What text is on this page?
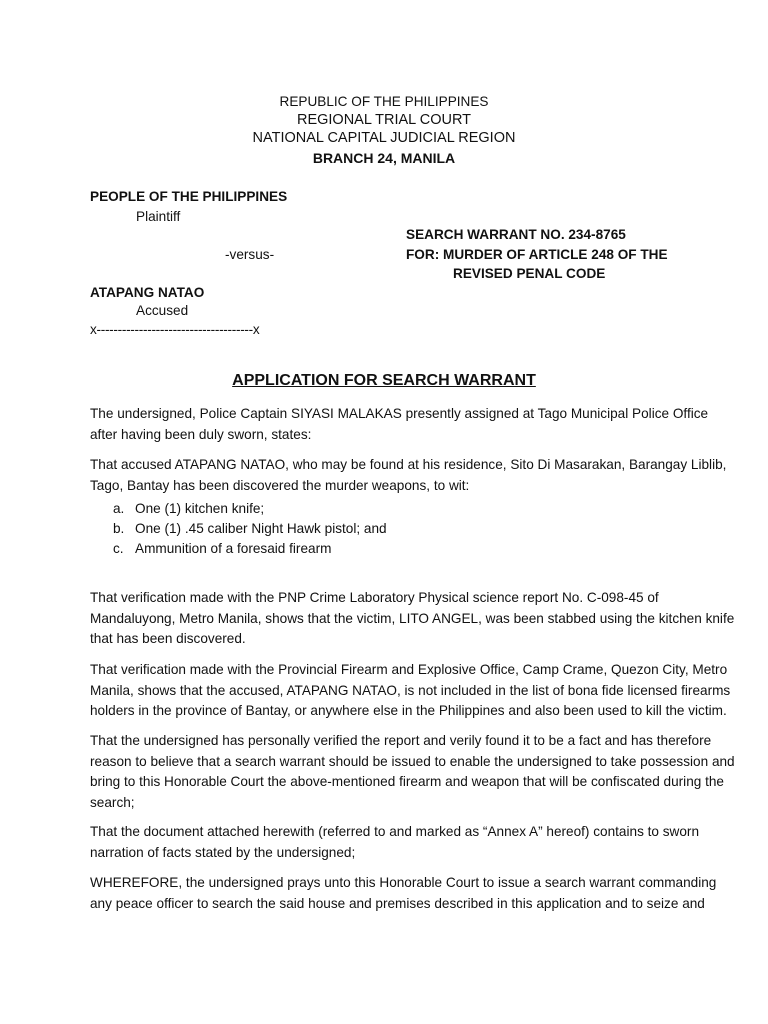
REPUBLIC OF THE PHILIPPINES
REGIONAL TRIAL COURT
NATIONAL CAPITAL JUDICIAL REGION
BRANCH 24, MANILA
PEOPLE OF THE PHILIPPINES
Plaintiff
-versus-
ATAPANG NATAO
Accused
x-------------------------------------x
SEARCH WARRANT NO. 234-8765
FOR: MURDER OF ARTICLE 248 OF THE
REVISED PENAL CODE
APPLICATION FOR SEARCH WARRANT
The undersigned, Police Captain SIYASI MALAKAS presently assigned at Tago Municipal Police Office
after having been duly sworn, states:
That accused ATAPANG NATAO, who may be found at his residence, Sito Di Masarakan, Barangay Liblib,
Tago, Bantay has been discovered the murder weapons, to wit:
a. One (1) kitchen knife;
b. One (1) .45 caliber Night Hawk pistol; and
c. Ammunition of a foresaid firearm
That verification made with the PNP Crime Laboratory Physical science report No. C-098-45 of
Mandaluyong, Metro Manila, shows that the victim, LITO ANGEL, was been stabbed using the kitchen knife
that has been discovered.
That verification made with the Provincial Firearm and Explosive Office, Camp Crame, Quezon City, Metro
Manila, shows that the accused, ATAPANG NATAO, is not included in the list of bona fide licensed firearms
holders in the province of Bantay, or anywhere else in the Philippines and also been used to kill the victim.
That the undersigned has personally verified the report and verily found it to be a fact and has therefore
reason to believe that a search warrant should be issued to enable the undersigned to take possession and
bring to this Honorable Court the above-mentioned firearm and weapon that will be confiscated during the
search;
That the document attached herewith (referred to and marked as “Annex A” hereof) contains to sworn
narration of facts stated by the undersigned;
WHEREFORE, the undersigned prays unto this Honorable Court to issue a search warrant commanding
any peace officer to search the said house and premises described in this application and to seize and
